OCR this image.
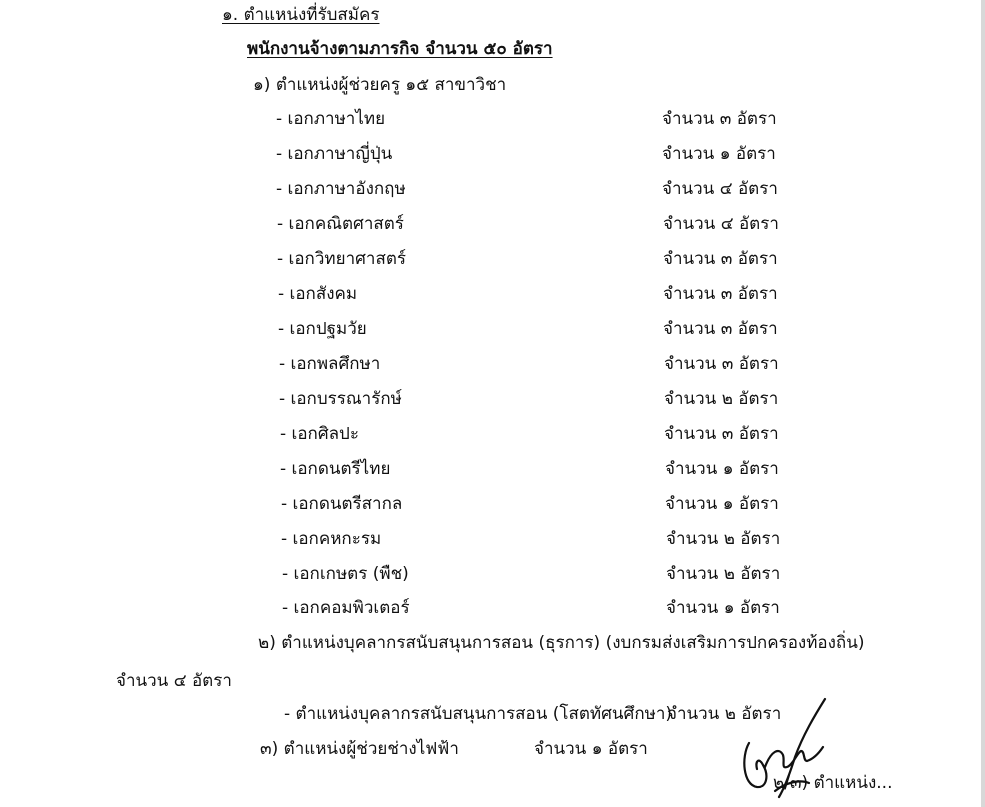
๑. ตำแหน่งที่รับสมัคร
พนักงานจ้างตามภารกิจ จำนวน ๕๐ อัตรา
๑) ตำแหน่งผู้ช่วยครู ๑๕ สาขาวิชา
- เอกภาษาไทย	จำนวน ๓ อัตรา
- เอกภาษาญี่ปุ่น	จำนวน ๑ อัตรา
- เอกภาษาอังกฤษ	จำนวน ๔ อัตรา
- เอกคณิตศาสตร์	จำนวน ๔ อัตรา
- เอกวิทยาศาสตร์	จำนวน ๓ อัตรา
- เอกสังคม	จำนวน ๓ อัตรา
- เอกปฐมวัย	จำนวน ๓ อัตรา
- เอกพลศึกษา	จำนวน ๓ อัตรา
- เอกบรรณารักษ์	จำนวน ๒ อัตรา
- เอกศิลปะ	จำนวน ๓ อัตรา
- เอกดนตรีไทย	จำนวน ๑ อัตรา
- เอกดนตรีสากล	จำนวน ๑ อัตรา
- เอกคหกะรม	จำนวน ๒ อัตรา
- เอกเกษตร (พืช)	จำนวน ๒ อัตรา
- เอกคอมพิวเตอร์	จำนวน ๑ อัตรา
๒) ตำแหน่งบุคลากรสนับสนุนการสอน (ธุรการ) (งบกรมส่งเสริมการปกครองท้องถิ่น)
จำนวน ๔ อัตรา
- ตำแหน่งบุคลากรสนับสนุนการสอน (โสตทัศนศึกษา)
จำนวน ๒ อัตรา
๓) ตำแหน่งผู้ช่วยช่างไฟฟ้า	จำนวน ๑ อัตรา
๒/๓) ตำแหน่ง...
